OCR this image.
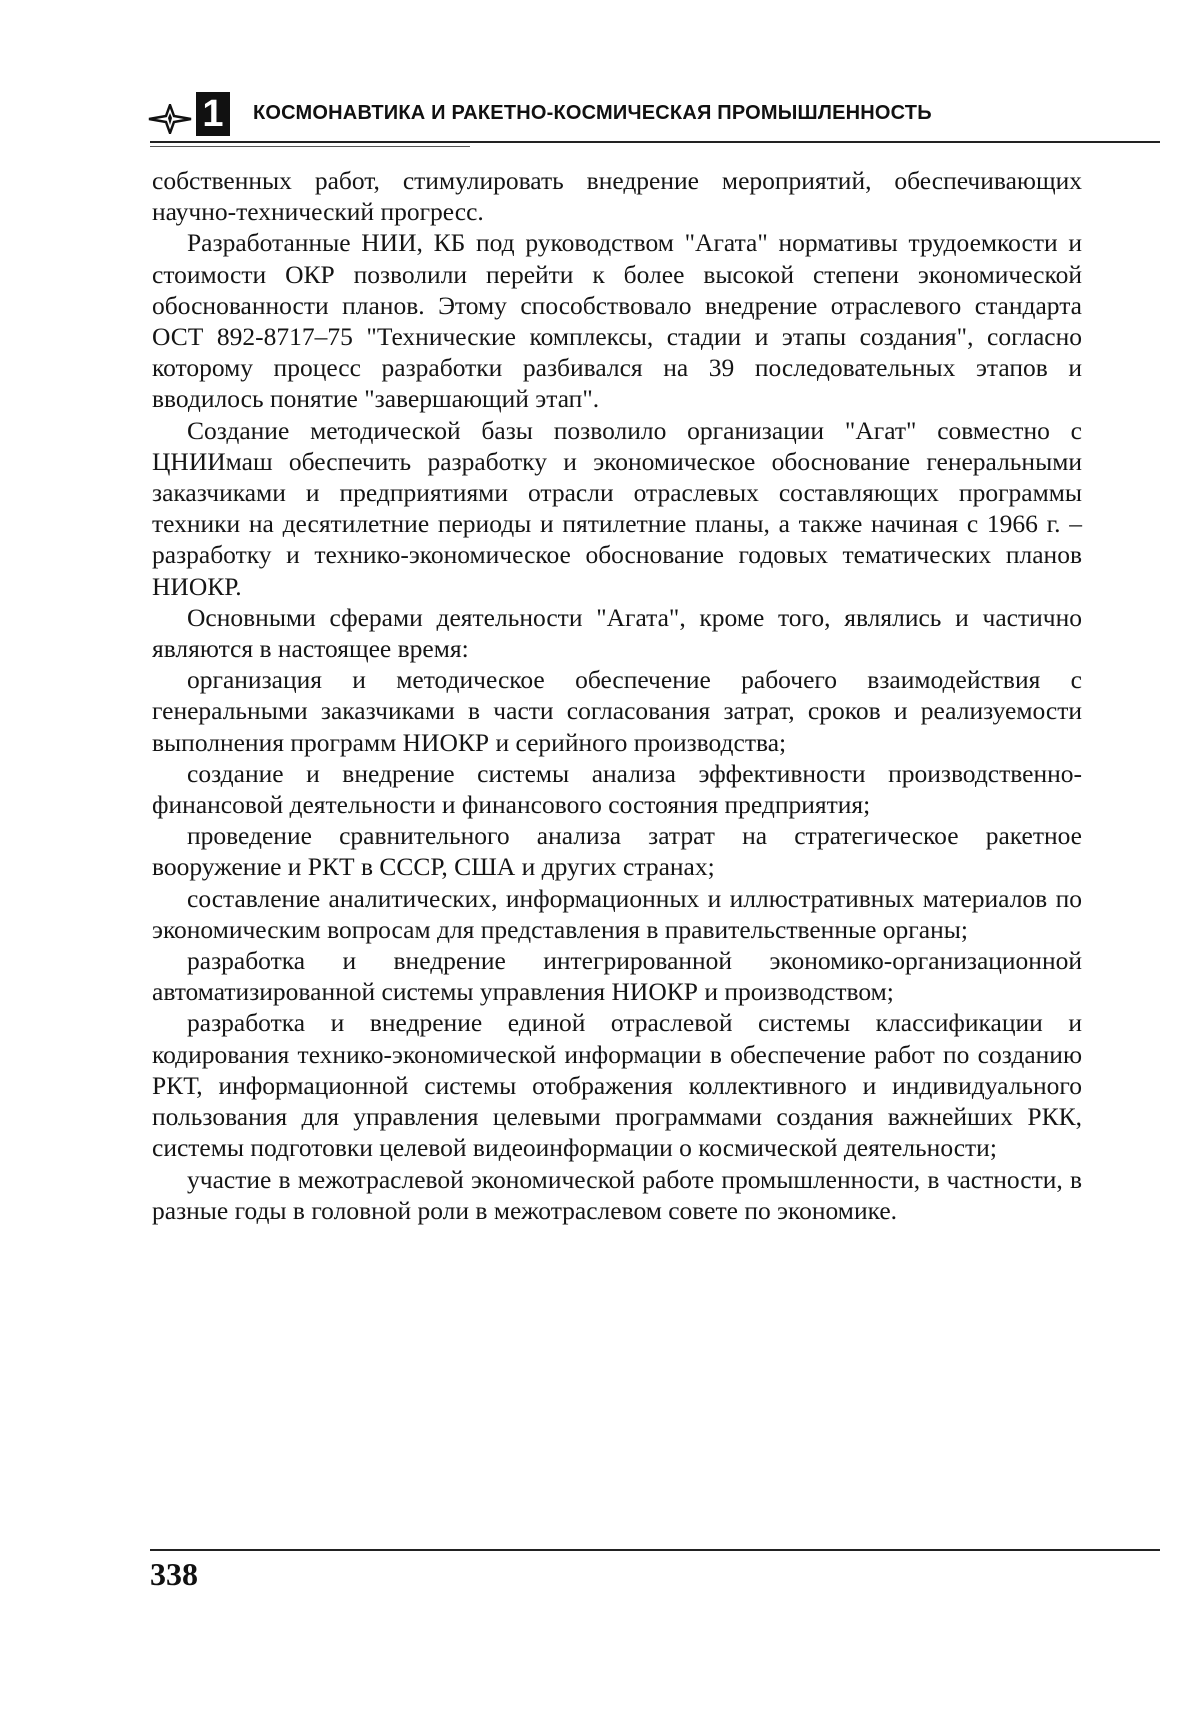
1	КОСМОНАВТИКА И РАКЕТНО-КОСМИЧЕСКАЯ ПРОМЫШЛЕННОСТЬ

собственных работ, стимулировать внедрение мероприятий, обеспечивающих научно-технический прогресс.

Разработанные НИИ, КБ под руководством "Агата" нормативы трудоемкости и стоимости ОКР позволили перейти к более высокой степени экономической обоснованности планов. Этому способствовало внедрение отраслевого стандарта ОСТ 892-8717–75 "Технические комплексы, стадии и этапы создания", согласно которому процесс разработки разбивался на 39 последовательных этапов и вводилось понятие "завершающий этап".

Создание методической базы позволило организации "Агат" совместно с ЦНИИмаш обеспечить разработку и экономическое обоснование генеральными заказчиками и предприятиями отрасли отраслевых составляющих программы техники на десятилетние периоды и пятилетние планы, а также начиная с 1966 г. – разработку и технико-экономическое обоснование годовых тематических планов НИОКР.

Основными сферами деятельности "Агата", кроме того, являлись и частично являются в настоящее время:

организация и методическое обеспечение рабочего взаимодействия с генеральными заказчиками в части согласования затрат, сроков и реализуемости выполнения программ НИОКР и серийного производства;

создание и внедрение системы анализа эффективности производственно-финансовой деятельности и финансового состояния предприятия;

проведение сравнительного анализа затрат на стратегическое ракетное вооружение и РКТ в СССР, США и других странах;

составление аналитических, информационных и иллюстративных материалов по экономическим вопросам для представления в правительственные органы;

разработка и внедрение интегрированной экономико-организационной автоматизированной системы управления НИОКР и производством;

разработка и внедрение единой отраслевой системы классификации и кодирования технико-экономической информации в обеспечение работ по созданию РКТ, информационной системы отображения коллективного и индивидуального пользования для управления целевыми программами создания важнейших РКК, системы подготовки целевой видеоинформации о космической деятельности;

участие в межотраслевой экономической работе промышленности, в частности, в разные годы в головной роли в межотраслевом совете по экономике.

338
